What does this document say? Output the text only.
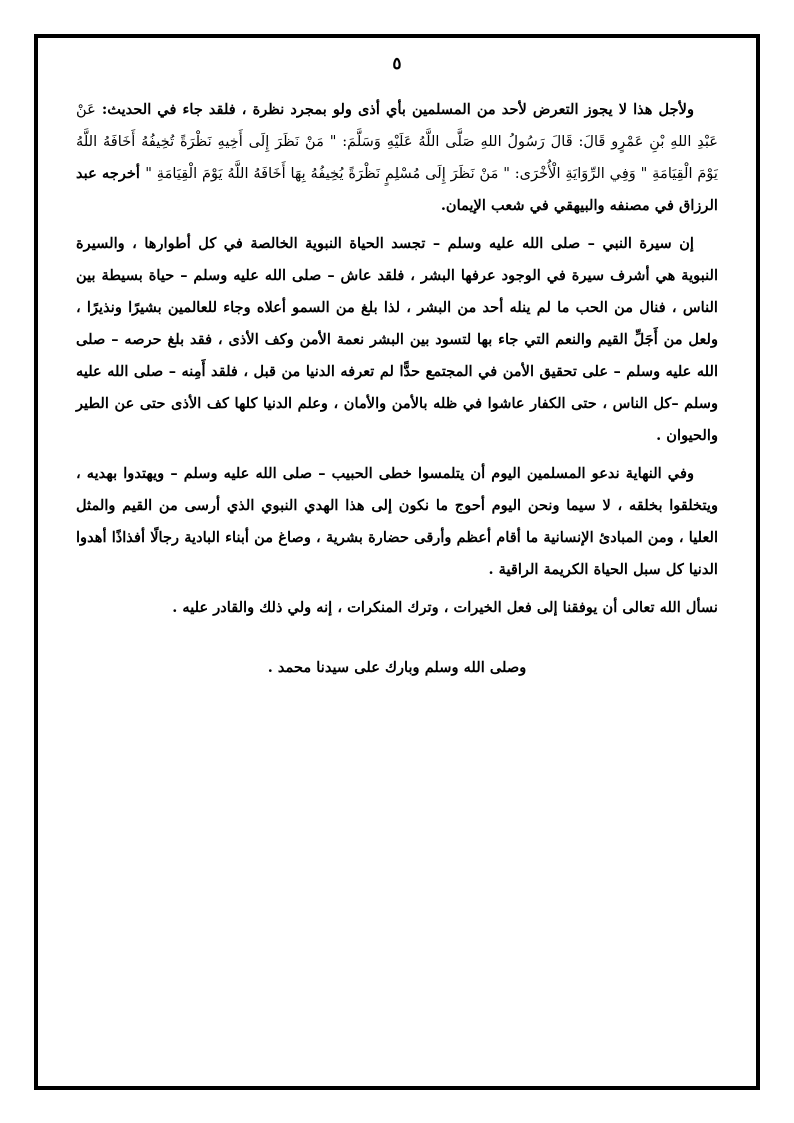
٥

ولأجل هذا لا يجوز التعرض لأحد من المسلمين بأي أذى ولو بمجرد نظرة ، فلقد جاء في الحديث: عَنْ عَبْدِ اللهِ بْنِ عَمْرٍو قَالَ: قَالَ رَسُولُ اللهِ صَلَّى اللَّهُ عَلَيْهِ وَسَلَّمَ: " مَنْ نَظَرَ إِلَى أَخِيهِ نَظْرَةً تُخِيفُهُ أَخَافَهُ اللَّهُ يَوْمَ الْقِيَامَةِ " وَفِي الرِّوَايَةِ الْأُخْرَى: " مَنْ نَظَرَ إِلَى مُسْلِمٍ نَظْرَةً يُخِيفُهُ بِهَا أَخَافَهُ اللَّهُ يَوْمَ الْقِيَامَةِ " أخرجه عبد الرزاق في مصنفه والبيهقي في شعب الإيمان.

إن سيرة النبي – صلى الله عليه وسلم – تجسد الحياة النبوية الخالصة في كل أطوارها ، والسيرة النبوية هي أشرف سيرة في الوجود عرفها البشر ، فلقد عاش – صلى الله عليه وسلم – حياة بسيطة بين الناس ، فنال من الحب ما لم ينله أحد من البشر ، لذا بلغ من السمو أعلاه وجاء للعالمين بشيرًا ونذيرًا ، ولعل من أَجَلِّ القيم والنعم التي جاء بها لتسود بين البشر نعمة الأمن وكف الأذى ، فقد بلغ حرصه – صلى الله عليه وسلم – على تحقيق الأمن في المجتمع حدًّا لم تعرفه الدنيا من قبل ، فلقد أَمِنه – صلى الله عليه وسلم –كل الناس ، حتى الكفار عاشوا في ظله بالأمن والأمان ، وعلم الدنيا كلها كف الأذى حتى عن الطير والحيوان .

وفي النهاية ندعو المسلمين اليوم أن يتلمسوا خطى الحبيب – صلى الله عليه وسلم – ويهتدوا بهديه ، ويتخلقوا بخلقه ، لا سيما ونحن اليوم أحوج ما نكون إلى هذا الهدي النبوي الذي أرسى من القيم والمثل العليا ، ومن المبادئ الإنسانية ما أقام أعظم وأرقى حضارة بشرية ، وصاغ من أبناء البادية رجالًا أفذاذًا أهدوا الدنيا كل سبل الحياة الكريمة الراقية .

نسأل الله تعالى أن يوفقنا إلى فعل الخيرات ، وترك المنكرات ، إنه ولي ذلك والقادر عليه .

وصلى الله وسلم وبارك على سيدنا محمد .
